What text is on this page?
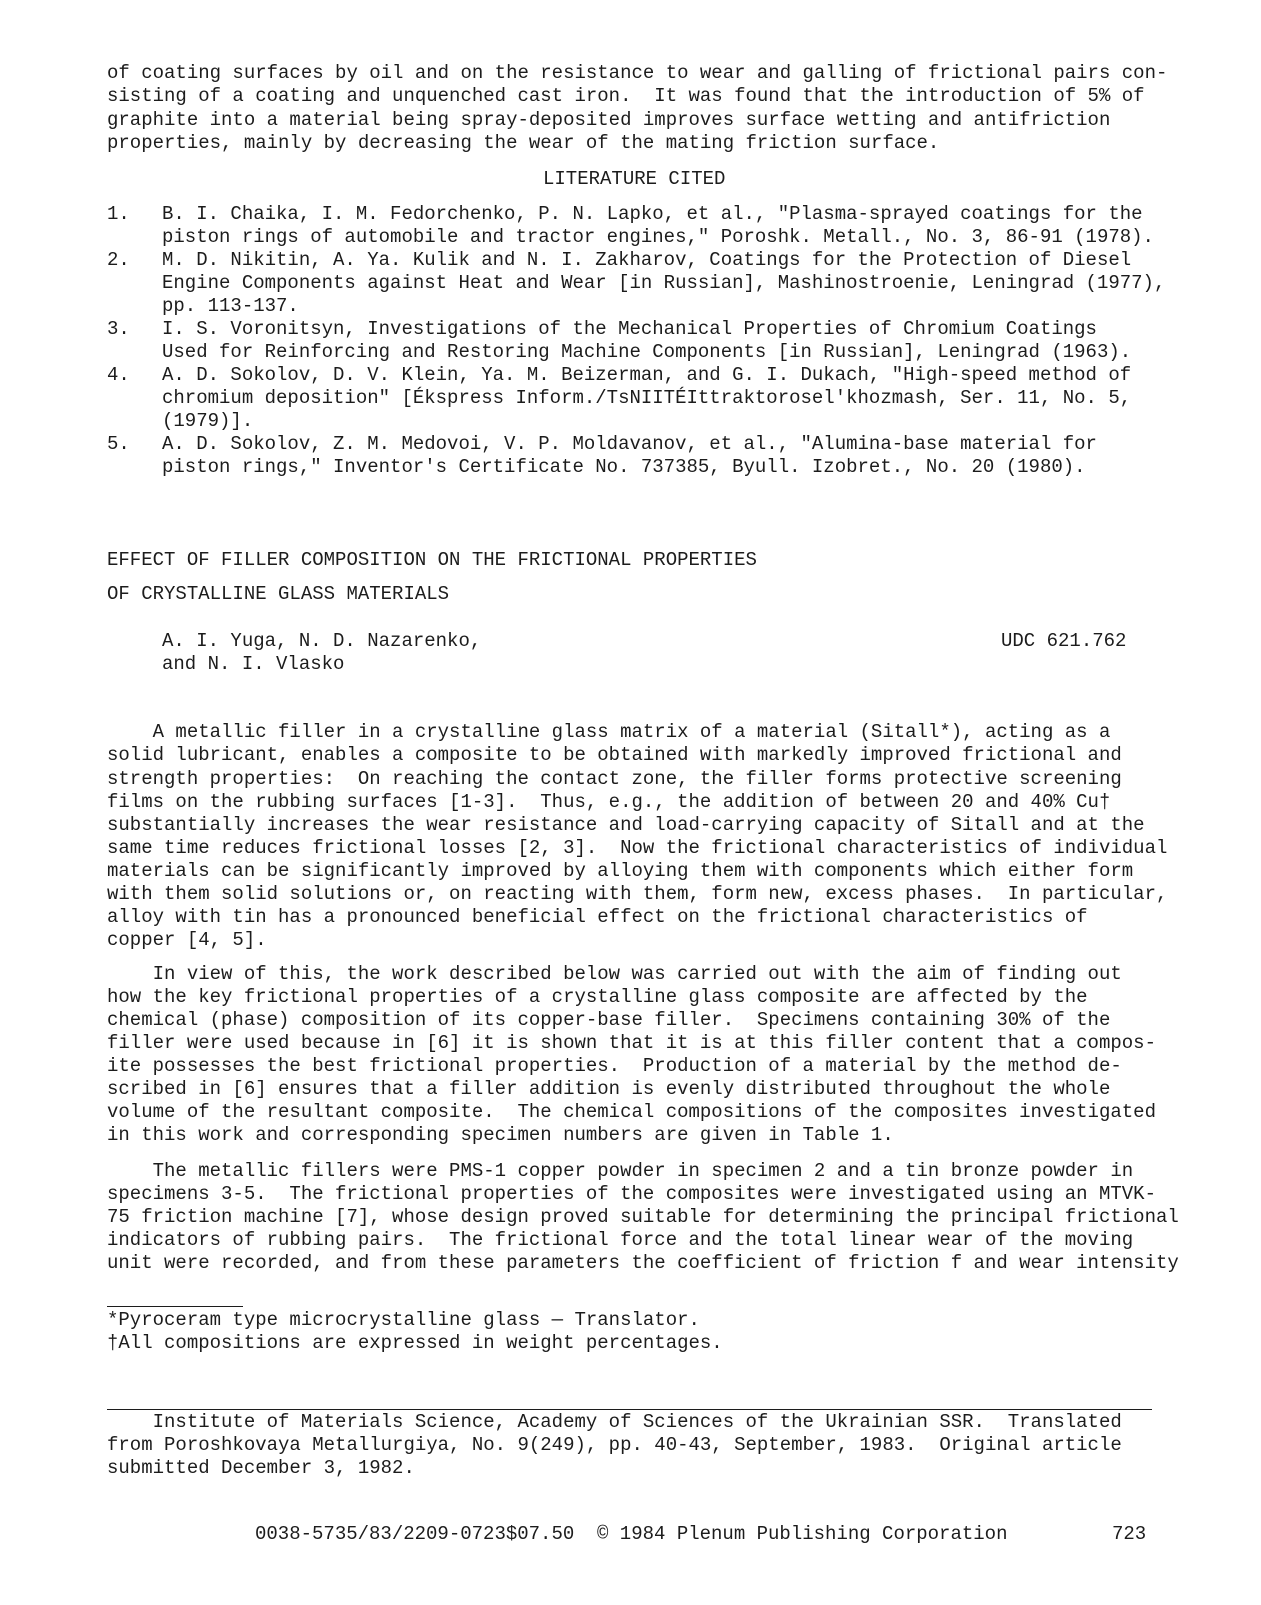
of coating surfaces by oil and on the resistance to wear and galling of frictional pairs con-
sisting of a coating and unquenched cast iron.  It was found that the introduction of 5% of
graphite into a material being spray-deposited improves surface wetting and antifriction
properties, mainly by decreasing the wear of the mating friction surface.
LITERATURE CITED
1. B. I. Chaika, I. M. Fedorchenko, P. N. Lapko, et al., "Plasma-sprayed coatings for the
piston rings of automobile and tractor engines," Poroshk. Metall., No. 3, 86-91 (1978).
2. M. D. Nikitin, A. Ya. Kulik and N. I. Zakharov, Coatings for the Protection of Diesel
Engine Components against Heat and Wear [in Russian], Mashinostroenie, Leningrad (1977),
pp. 113-137.
3. I. S. Voronitsyn, Investigations of the Mechanical Properties of Chromium Coatings
Used for Reinforcing and Restoring Machine Components [in Russian], Leningrad (1963).
4. A. D. Sokolov, D. V. Klein, Ya. M. Beizerman, and G. I. Dukach, "High-speed method of
chromium deposition" [Ékspress Inform./TsNIITÉIttraktorosel'khozmash, Ser. 11, No. 5,
(1979)].
5. A. D. Sokolov, Z. M. Medovoi, V. P. Moldavanov, et al., "Alumina-base material for
piston rings," Inventor's Certificate No. 737385, Byull. Izobret., No. 20 (1980).
EFFECT OF FILLER COMPOSITION ON THE FRICTIONAL PROPERTIES
OF CRYSTALLINE GLASS MATERIALS
A. I. Yuga, N. D. Nazarenko,
and N. I. Vlasko
UDC 621.762
A metallic filler in a crystalline glass matrix of a material (Sitall*), acting as a
solid lubricant, enables a composite to be obtained with markedly improved frictional and
strength properties:  On reaching the contact zone, the filler forms protective screening
films on the rubbing surfaces [1-3].  Thus, e.g., the addition of between 20 and 40% Cu†
substantially increases the wear resistance and load-carrying capacity of Sitall and at the
same time reduces frictional losses [2, 3].  Now the frictional characteristics of individual
materials can be significantly improved by alloying them with components which either form
with them solid solutions or, on reacting with them, form new, excess phases.  In particular,
alloy with tin has a pronounced beneficial effect on the frictional characteristics of
copper [4, 5].
In view of this, the work described below was carried out with the aim of finding out
how the key frictional properties of a crystalline glass composite are affected by the
chemical (phase) composition of its copper-base filler.  Specimens containing 30% of the
filler were used because in [6] it is shown that it is at this filler content that a compos-
ite possesses the best frictional properties.  Production of a material by the method de-
scribed in [6] ensures that a filler addition is evenly distributed throughout the whole
volume of the resultant composite.  The chemical compositions of the composites investigated
in this work and corresponding specimen numbers are given in Table 1.
The metallic fillers were PMS-1 copper powder in specimen 2 and a tin bronze powder in
specimens 3-5.  The frictional properties of the composites were investigated using an MTVK-
75 friction machine [7], whose design proved suitable for determining the principal frictional
indicators of rubbing pairs.  The frictional force and the total linear wear of the moving
unit were recorded, and from these parameters the coefficient of friction f and wear intensity
*Pyroceram type microcrystalline glass — Translator.
†All compositions are expressed in weight percentages.
Institute of Materials Science, Academy of Sciences of the Ukrainian SSR.  Translated
from Poroshkovaya Metallurgiya, No. 9(249), pp. 40-43, September, 1983.  Original article
submitted December 3, 1982.
0038-5735/83/2209-0723$07.50 © 1984 Plenum Publishing Corporation	723
